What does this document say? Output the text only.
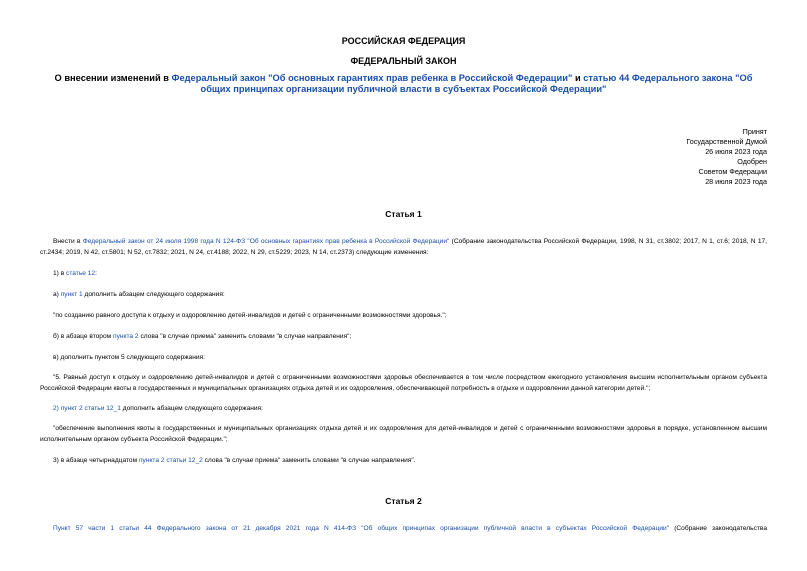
РОССИЙСКАЯ ФЕДЕРАЦИЯ
ФЕДЕРАЛЬНЫЙ ЗАКОН
О внесении изменений в Федеральный закон "Об основных гарантиях прав ребенка в Российской Федерации" и статью 44 Федерального закона "Об общих принципах организации публичной власти в субъектах Российской Федерации"
Принят
Государственной Думой
26 июля 2023 года
Одобрен
Советом Федерации
28 июля 2023 года
Статья 1
Внести в Федеральный закон от 24 июля 1998 года N 124-ФЗ "Об основных гарантиях прав ребенка в Российской Федерации" (Собрание законодательства Российской Федерации, 1998, N 31, ст.3802; 2017, N 1, ст.6; 2018, N 17, ст.2434; 2019, N 42, ст.5801; N 52, ст.7832; 2021, N 24, ст.4188; 2022, N 29, ст.5229; 2023, N 14, ст.2373) следующие изменения:
1) в статье 12:
а) пункт 1 дополнить абзацем следующего содержания:
"по созданию равного доступа к отдыху и оздоровлению детей-инвалидов и детей с ограниченными возможностями здоровья.";
б) в абзаце втором пункта 2 слова "в случае приема" заменить словами "в случае направления";
в) дополнить пунктом 5 следующего содержания:
"5. Равный доступ к отдыху и оздоровлению детей-инвалидов и детей с ограниченными возможностями здоровья обеспечивается в том числе посредством ежегодного установления высшим исполнительным органом субъекта Российской Федерации квоты в государственных и муниципальных организациях отдыха детей и их оздоровления, обеспечивающей потребность в отдыхе и оздоровлении данной категории детей.";
2) пункт 2 статьи 12_1 дополнить абзацем следующего содержания:
"обеспечение выполнения квоты в государственных и муниципальных организациях отдыха детей и их оздоровления для детей-инвалидов и детей с ограниченными возможностями здоровья в порядке, установленном высшим исполнительным органом субъекта Российской Федерации.";
3) в абзаце четырнадцатом пункта 2 статьи 12_2 слова "в случае приема" заменить словами "в случае направления".
Статья 2
Пункт 57 части 1 статьи 44 Федерального закона от 21 декабря 2021 года N 414-ФЗ "Об общих принципах организации публичной власти в субъектах Российской Федерации" (Собрание законодательства
